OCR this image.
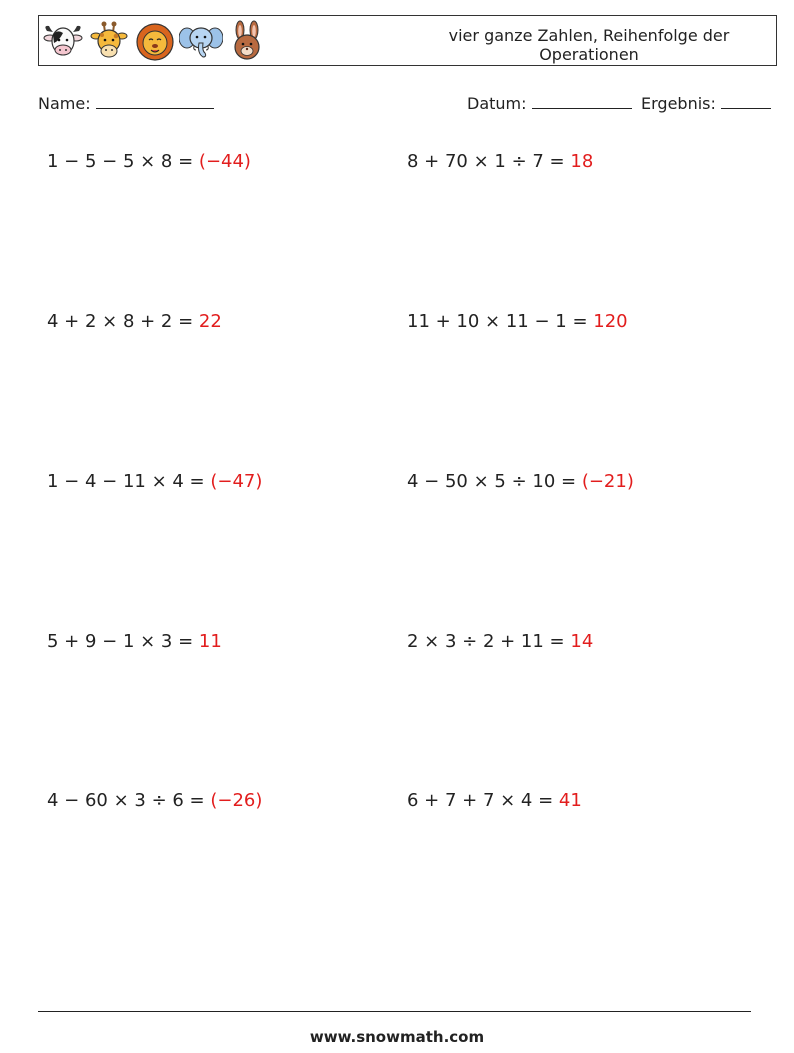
vier ganze Zahlen, Reihenfolge der Operationen
Name:	Datum:	Ergebnis:
1 − 5 − 5 × 8 = (−44)	8 + 70 × 1 ÷ 7 = 18
4 + 2 × 8 + 2 = 22	11 + 10 × 11 − 1 = 120
1 − 4 − 11 × 4 = (−47)	4 − 50 × 5 ÷ 10 = (−21)
5 + 9 − 1 × 3 = 11	2 × 3 ÷ 2 + 11 = 14
4 − 60 × 3 ÷ 6 = (−26)	6 + 7 + 7 × 4 = 41
www.snowmath.com
